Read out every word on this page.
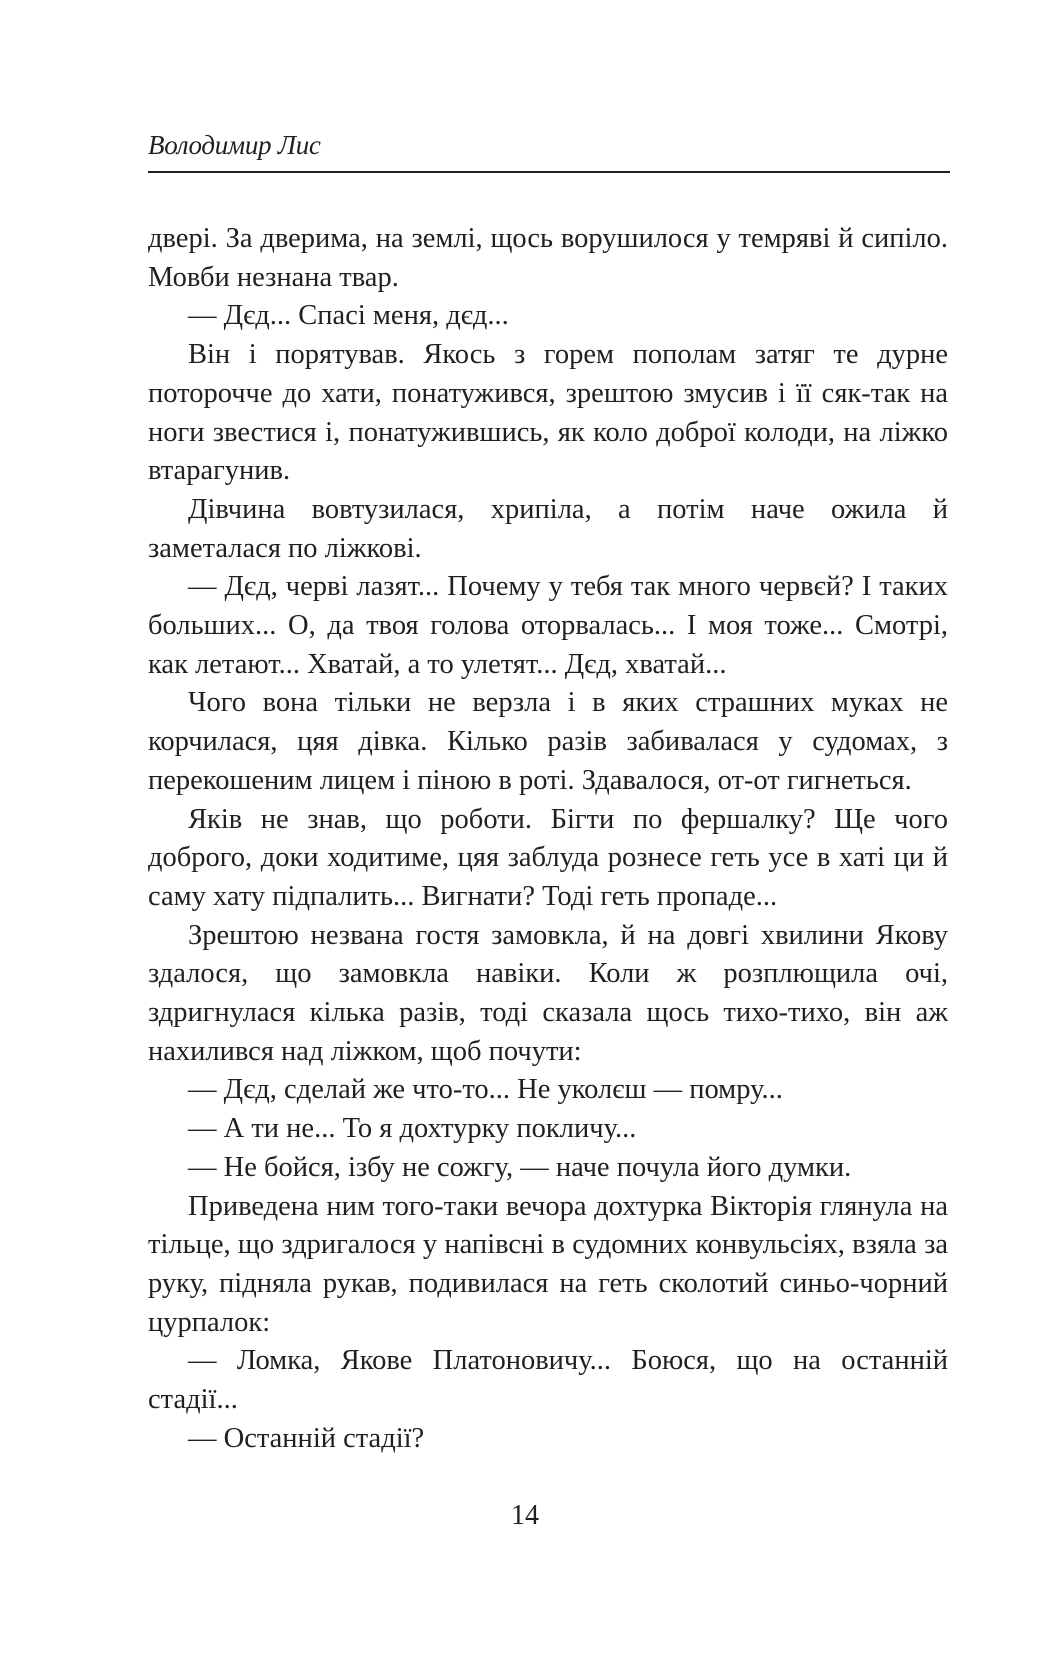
Володимир Лис

двері. За дверима, на землі, щось ворушилося у темряві й сипіло. Мовби незнана твар.

— Дєд... Спасі меня, дєд...

Він і порятував. Якось з горем пополам затяг те дурне поторочче до хати, понатужився, зрештою змусив і її сяк-так на ноги звестися і, понатужившись, як коло доброї колоди, на ліжко втарагунив.

Дівчина вовтузилася, хрипіла, а потім наче ожила й заметалася по ліжкові.

— Дєд, черві лазят... Почему у тебя так много червєй? І таких больших... О, да твоя голова оторвалась... І моя тоже... Смотрі, как летают... Хватай, а то улетят... Дєд, хватай...

Чого вона тільки не верзла і в яких страшних муках не корчилася, цяя дівка. Кілько разів забивалася у судомах, з перекошеним лицем і піною в роті. Здавалося, от-от гигнеться.

Яків не знав, що роботи. Бігти по фершалку? Ще чого доброго, доки ходитиме, цяя заблуда рознесе геть усе в хаті ци й саму хату підпалить... Вигнати? Тоді геть пропаде...

Зрештою незвана гостя замовкла, й на довгі хвилини Якову здалося, що замовкла навіки. Коли ж розплющила очі, здригнулася кілька разів, тоді сказала щось тихо-тихо, він аж нахилився над ліжком, щоб почути:

— Дєд, сделай же что-то... Не уколєш — помру...

— А ти не... То я дохтурку покличу...

— Не бойся, ізбу не сожгу, — наче почула його думки.

Приведена ним того-таки вечора дохтурка Вікторія глянула на тільце, що здригалося у напівсні в судомних конвульсіях, взяла за руку, підняла рукав, подивилася на геть сколотий синьо-чорний цурпалок:

— Ломка, Якове Платоновичу... Боюся, що на останній стадії...

— Останній стадії?

14
